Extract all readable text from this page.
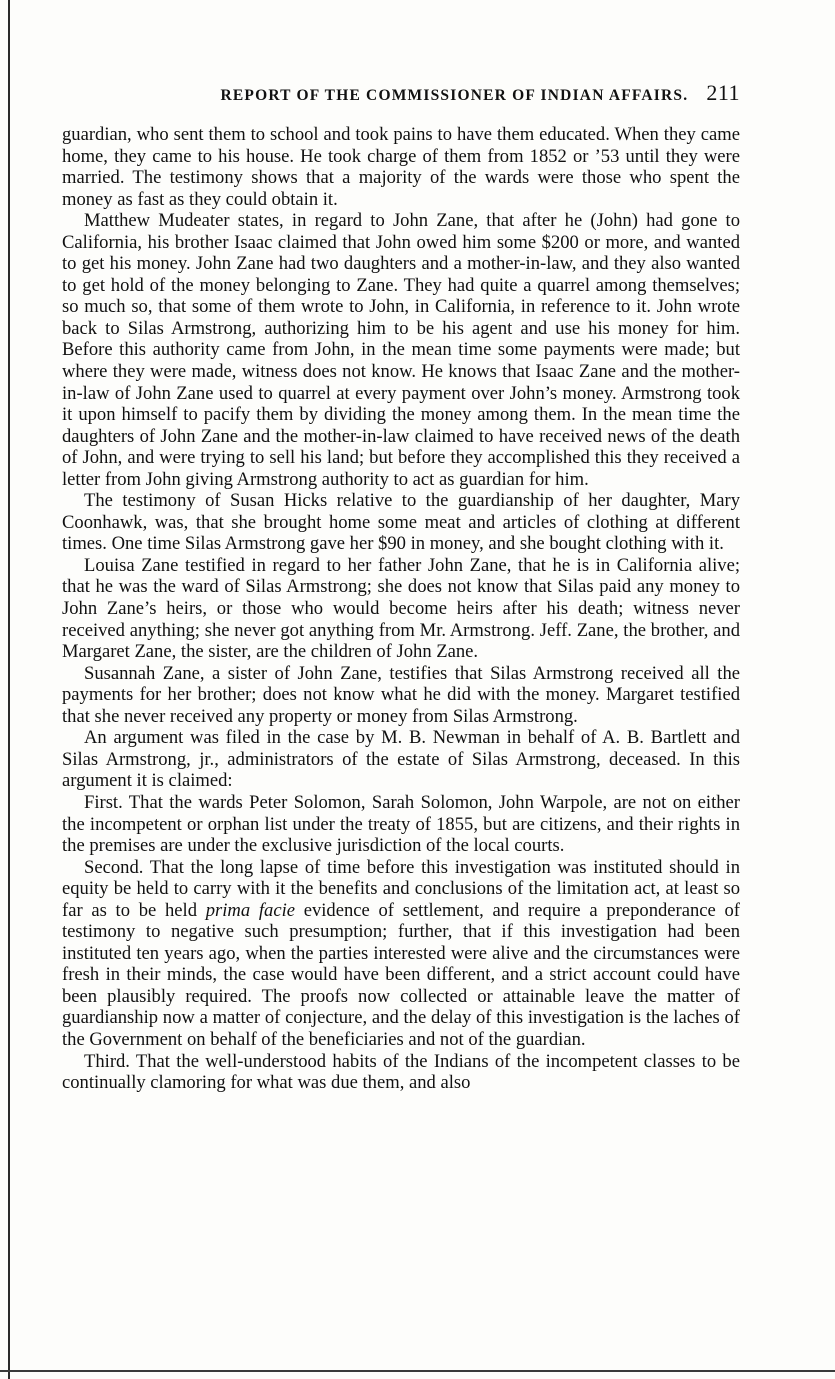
REPORT OF THE COMMISSIONER OF INDIAN AFFAIRS. 211

guardian, who sent them to school and took pains to have them educated. When they came home, they came to his house. He took charge of them from 1852 or ’53 until they were married. The testimony shows that a majority of the wards were those who spent the money as fast as they could obtain it.

Matthew Mudeater states, in regard to John Zane, that after he (John) had gone to California, his brother Isaac claimed that John owed him some $200 or more, and wanted to get his money. John Zane had two daughters and a mother-in-law, and they also wanted to get hold of the money belonging to Zane. They had quite a quarrel among themselves; so much so, that some of them wrote to John, in California, in reference to it. John wrote back to Silas Armstrong, authorizing him to be his agent and use his money for him. Before this authority came from John, in the mean time some payments were made; but where they were made, witness does not know. He knows that Isaac Zane and the mother-in-law of John Zane used to quarrel at every payment over John’s money. Armstrong took it upon himself to pacify them by dividing the money among them. In the mean time the daughters of John Zane and the mother-in-law claimed to have received news of the death of John, and were trying to sell his land; but before they accomplished this they received a letter from John giving Armstrong authority to act as guardian for him.

The testimony of Susan Hicks relative to the guardianship of her daughter, Mary Coonhawk, was, that she brought home some meat and articles of clothing at different times. One time Silas Armstrong gave her $90 in money, and she bought clothing with it.

Louisa Zane testified in regard to her father John Zane, that he is in California alive; that he was the ward of Silas Armstrong; she does not know that Silas paid any money to John Zane’s heirs, or those who would become heirs after his death; witness never received anything; she never got anything from Mr. Armstrong. Jeff. Zane, the brother, and Margaret Zane, the sister, are the children of John Zane.

Susannah Zane, a sister of John Zane, testifies that Silas Armstrong received all the payments for her brother; does not know what he did with the money. Margaret testified that she never received any property or money from Silas Armstrong.

An argument was filed in the case by M. B. Newman in behalf of A. B. Bartlett and Silas Armstrong, jr., administrators of the estate of Silas Armstrong, deceased. In this argument it is claimed:

First. That the wards Peter Solomon, Sarah Solomon, John Warpole, are not on either the incompetent or orphan list under the treaty of 1855, but are citizens, and their rights in the premises are under the exclusive jurisdiction of the local courts.

Second. That the long lapse of time before this investigation was instituted should in equity be held to carry with it the benefits and conclusions of the limitation act, at least so far as to be held prima facie evidence of settlement, and require a preponderance of testimony to negative such presumption; further, that if this investigation had been instituted ten years ago, when the parties interested were alive and the circumstances were fresh in their minds, the case would have been different, and a strict account could have been plausibly required. The proofs now collected or attainable leave the matter of guardianship now a matter of conjecture, and the delay of this investigation is the laches of the Government on behalf of the beneficiaries and not of the guardian.

Third. That the well-understood habits of the Indians of the incompetent classes to be continually clamoring for what was due them, and also
